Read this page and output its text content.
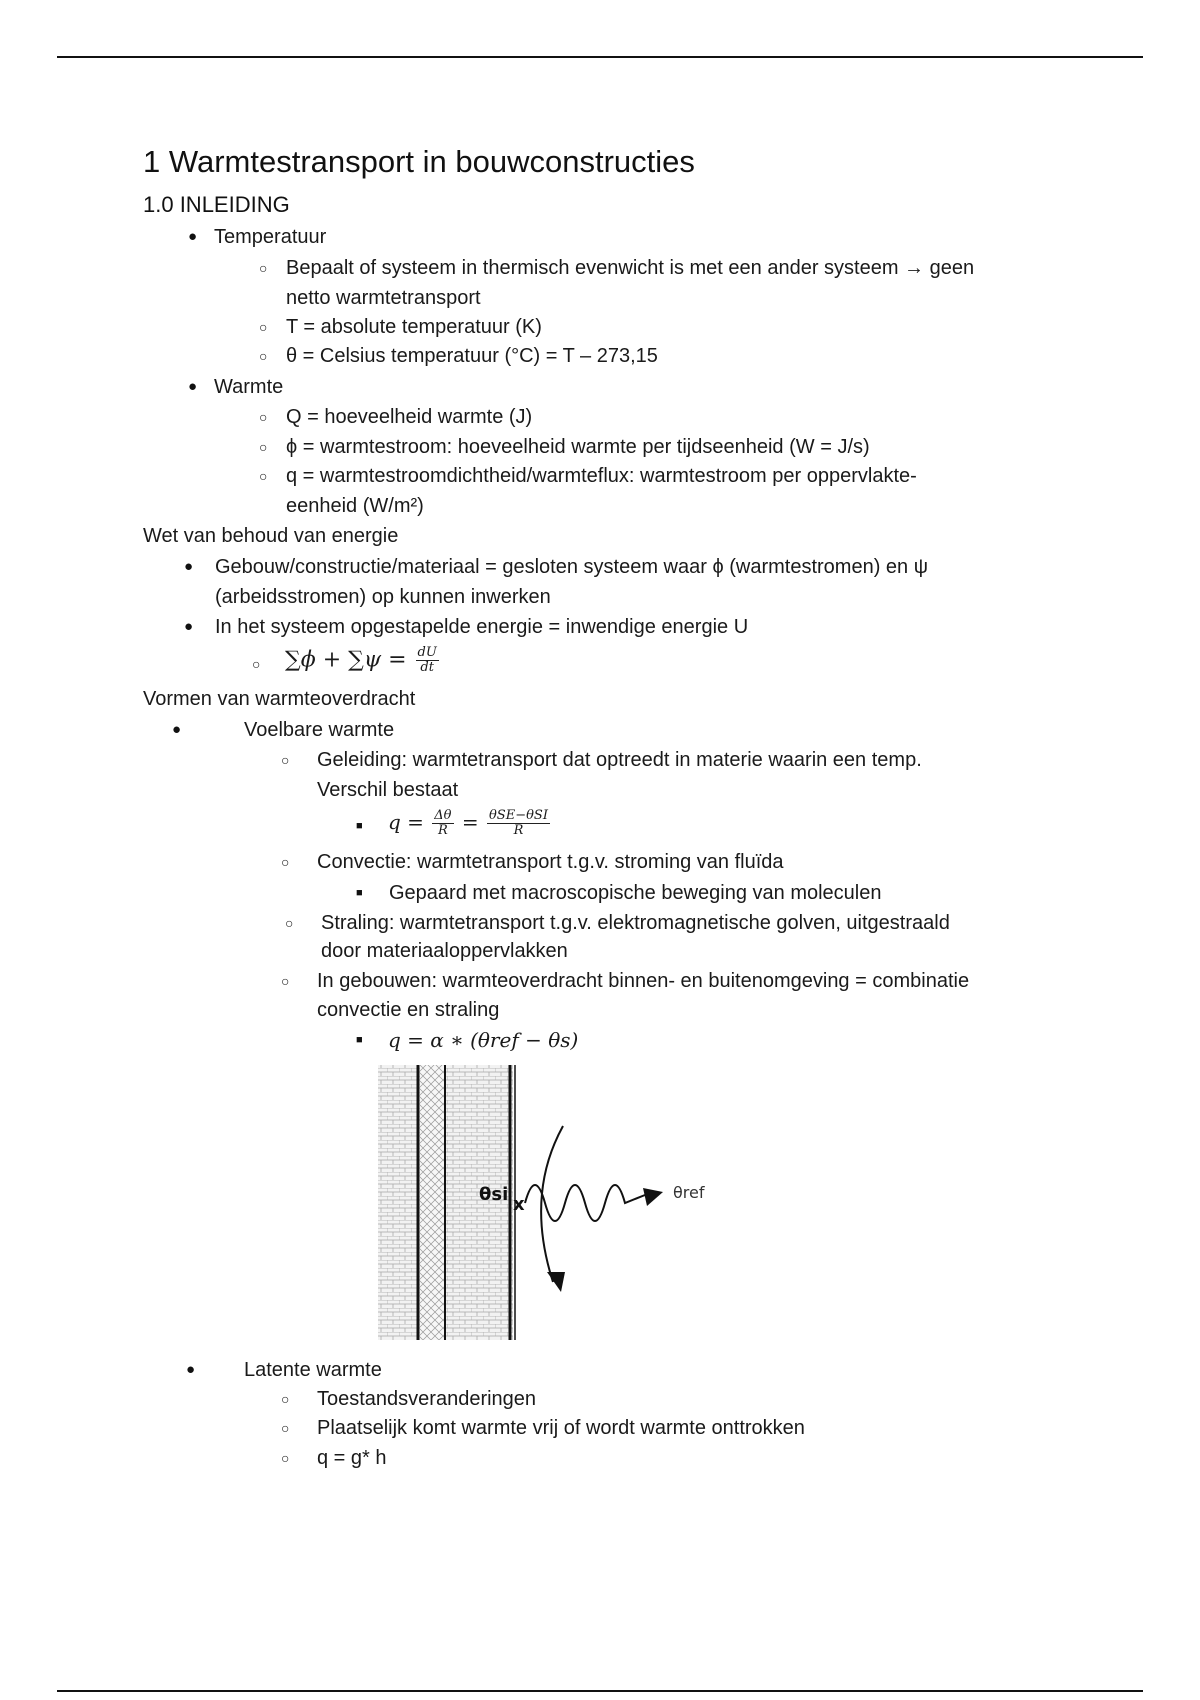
1 Warmtestransport in bouwconstructies
1.0 INLEIDING
● Temperatuur
○ Bepaalt of systeem in thermisch evenwicht is met een ander systeem → geen
netto warmtetransport
○ T = absolute temperatuur (K)
○ θ = Celsius temperatuur (°C) = T – 273,15
● Warmte
○ Q = hoeveelheid warmte (J)
○ ϕ = warmtestroom: hoeveelheid warmte per tijdseenheid (W = J/s)
○ q = warmtestroomdichtheid/warmteflux: warmtestroom per oppervlakte-
eenheid (W/m²)
Wet van behoud van energie
● Gebouw/constructie/materiaal = gesloten systeem waar ϕ (warmtestromen) en ψ
(arbeidsstromen) op kunnen inwerken
● In het systeem opgestapelde energie = inwendige energie U
○ $\sum\phi + \sum\psi = \frac{dU}{dt}$
Vormen van warmteoverdracht
●	Voelbare warmte
○ Geleiding: warmtetransport dat optreedt in materie waarin een temp.
Verschil bestaat
■ $q = \frac{\Delta\theta}{R} = \frac{\text{θSE−θSI}}{R}$
○ Convectie: warmtetransport t.g.v. stroming van fluïda
■ Gepaard met macroscopische beweging van moleculen
○ Straling: warmtetransport t.g.v. elektromagnetische golven, uitgestraald
door materiaaloppervlakken
○ In gebouwen: warmteoverdracht binnen- en buitenomgeving = combinatie
convectie en straling
■ q = α ∗ (θref − θs)
θsi x
θref
● Latente warmte
○ Toestandsveranderingen
○ Plaatselijk komt warmte vrij of wordt warmte onttrokken
○ q = g* h
